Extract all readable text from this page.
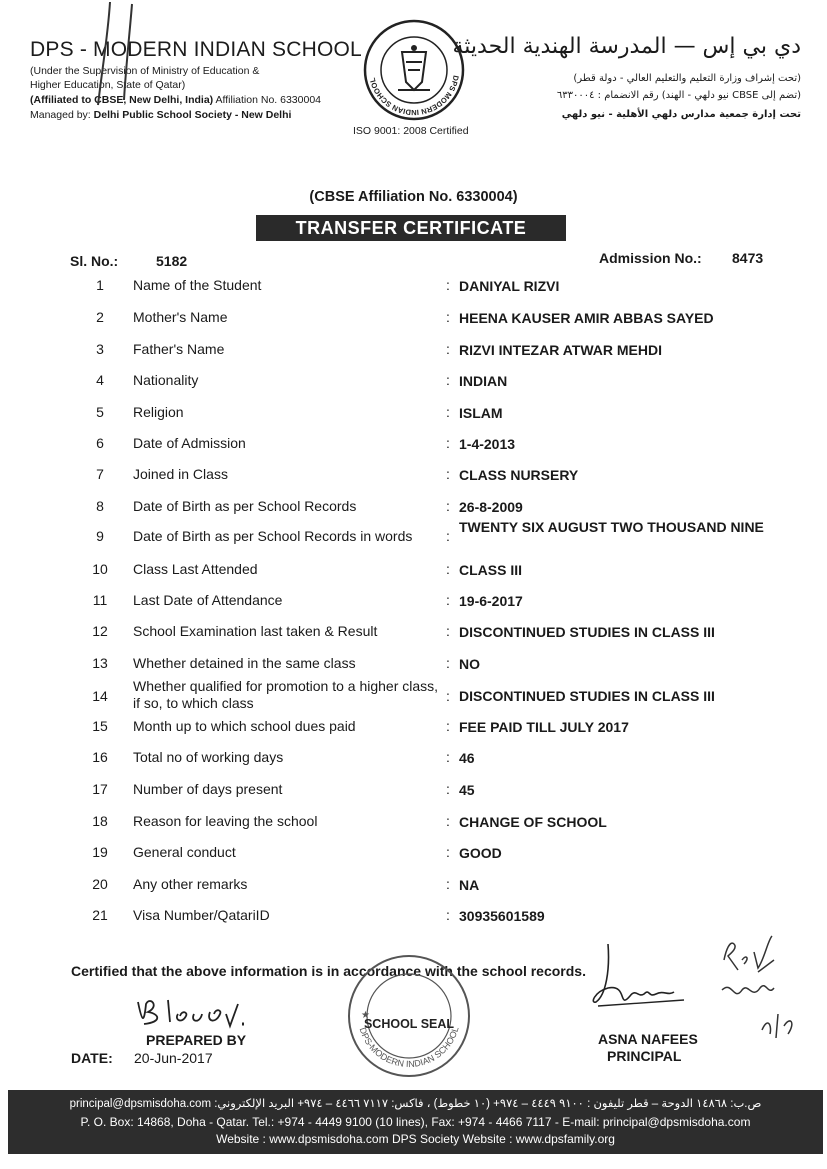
DPS - MODERN INDIAN SCHOOL
(Under the Supervision of Ministry of Education &
Higher Education, State of Qatar)
(Affiliated to CBSE, New Delhi, India) Affiliation No. 6330004
Managed by: Delhi Public School Society - New Delhi
دي بي إس — المدرسة الهندية الحديثة
(تحت إشراف وزارة التعليم والتعليم العالي - دولة قطر)
(تضم إلى CBSE نيو دلهي - الهند) رقم الانضمام : ٦٣٣٠٠٠٤
تحت إدارة جمعية مدارس دلهي الأهلية - نيو دلهي
DPS MODERN INDIAN SCHOOL
ISO 9001: 2008 Certified
(CBSE Affiliation No. 6330004)
TRANSFER CERTIFICATE
Sl. No.:	5182	Admission No.: 8473
1	Name of the Student	: DANIYAL RIZVI
2	Mother's Name	: HEENA KAUSER AMIR ABBAS SAYED
3	Father's Name	: RIZVI INTEZAR ATWAR MEHDI
4	Nationality	: INDIAN
5	Religion	: ISLAM
6	Date of Admission	: 1-4-2013
7	Joined in Class	: CLASS NURSERY
8	Date of Birth as per School Records	: 26-8-2009
9	Date of Birth as per School Records in words	:
TWENTY SIX AUGUST TWO THOUSAND NINE
10	Class Last Attended	: CLASS III
11	Last Date of Attendance	: 19-6-2017
12	School Examination last taken & Result	: DISCONTINUED STUDIES IN CLASS III
13	Whether detained in the same class	: NO
14
Whether qualified for promotion to a higher class, if so, to which class	: DISCONTINUED STUDIES IN CLASS III
15	Month up to which school dues paid	: FEE PAID TILL JULY 2017
16	Total no of working days	: 46
17	Number of days present	: 45
18	Reason for leaving the school	: CHANGE OF SCHOOL
19	General conduct	: GOOD
20	Any other remarks	: NA
21	Visa Number/QatariID	: 30935601589
Certified that the above information is in accordance with the school records.
PREPARED BY
DATE: 20-Jun-2017
DPS-MODERN INDIAN SCHOOL
SCHOOL SEAL
★
ASNA NAFEES
PRINCIPAL
principal@dpsmisdoha.com :ص.ب: ١٤٨٦٨ الدوحة – قطر تليفون : ٩١٠٠ ٤٤٤٩ – ٩٧٤+ (١٠ خطوط) ، فاكس: ٧١١٧ ٤٤٦٦ – ٩٧٤+ البريد الإلكتروني
P. O. Box: 14868, Doha - Qatar. Tel.: +974 - 4449 9100 (10 lines), Fax: +974 - 4466 7117 - E-mail: principal@dpsmisdoha.com
Website : www.dpsmisdoha.com DPS Society Website : www.dpsfamily.org
